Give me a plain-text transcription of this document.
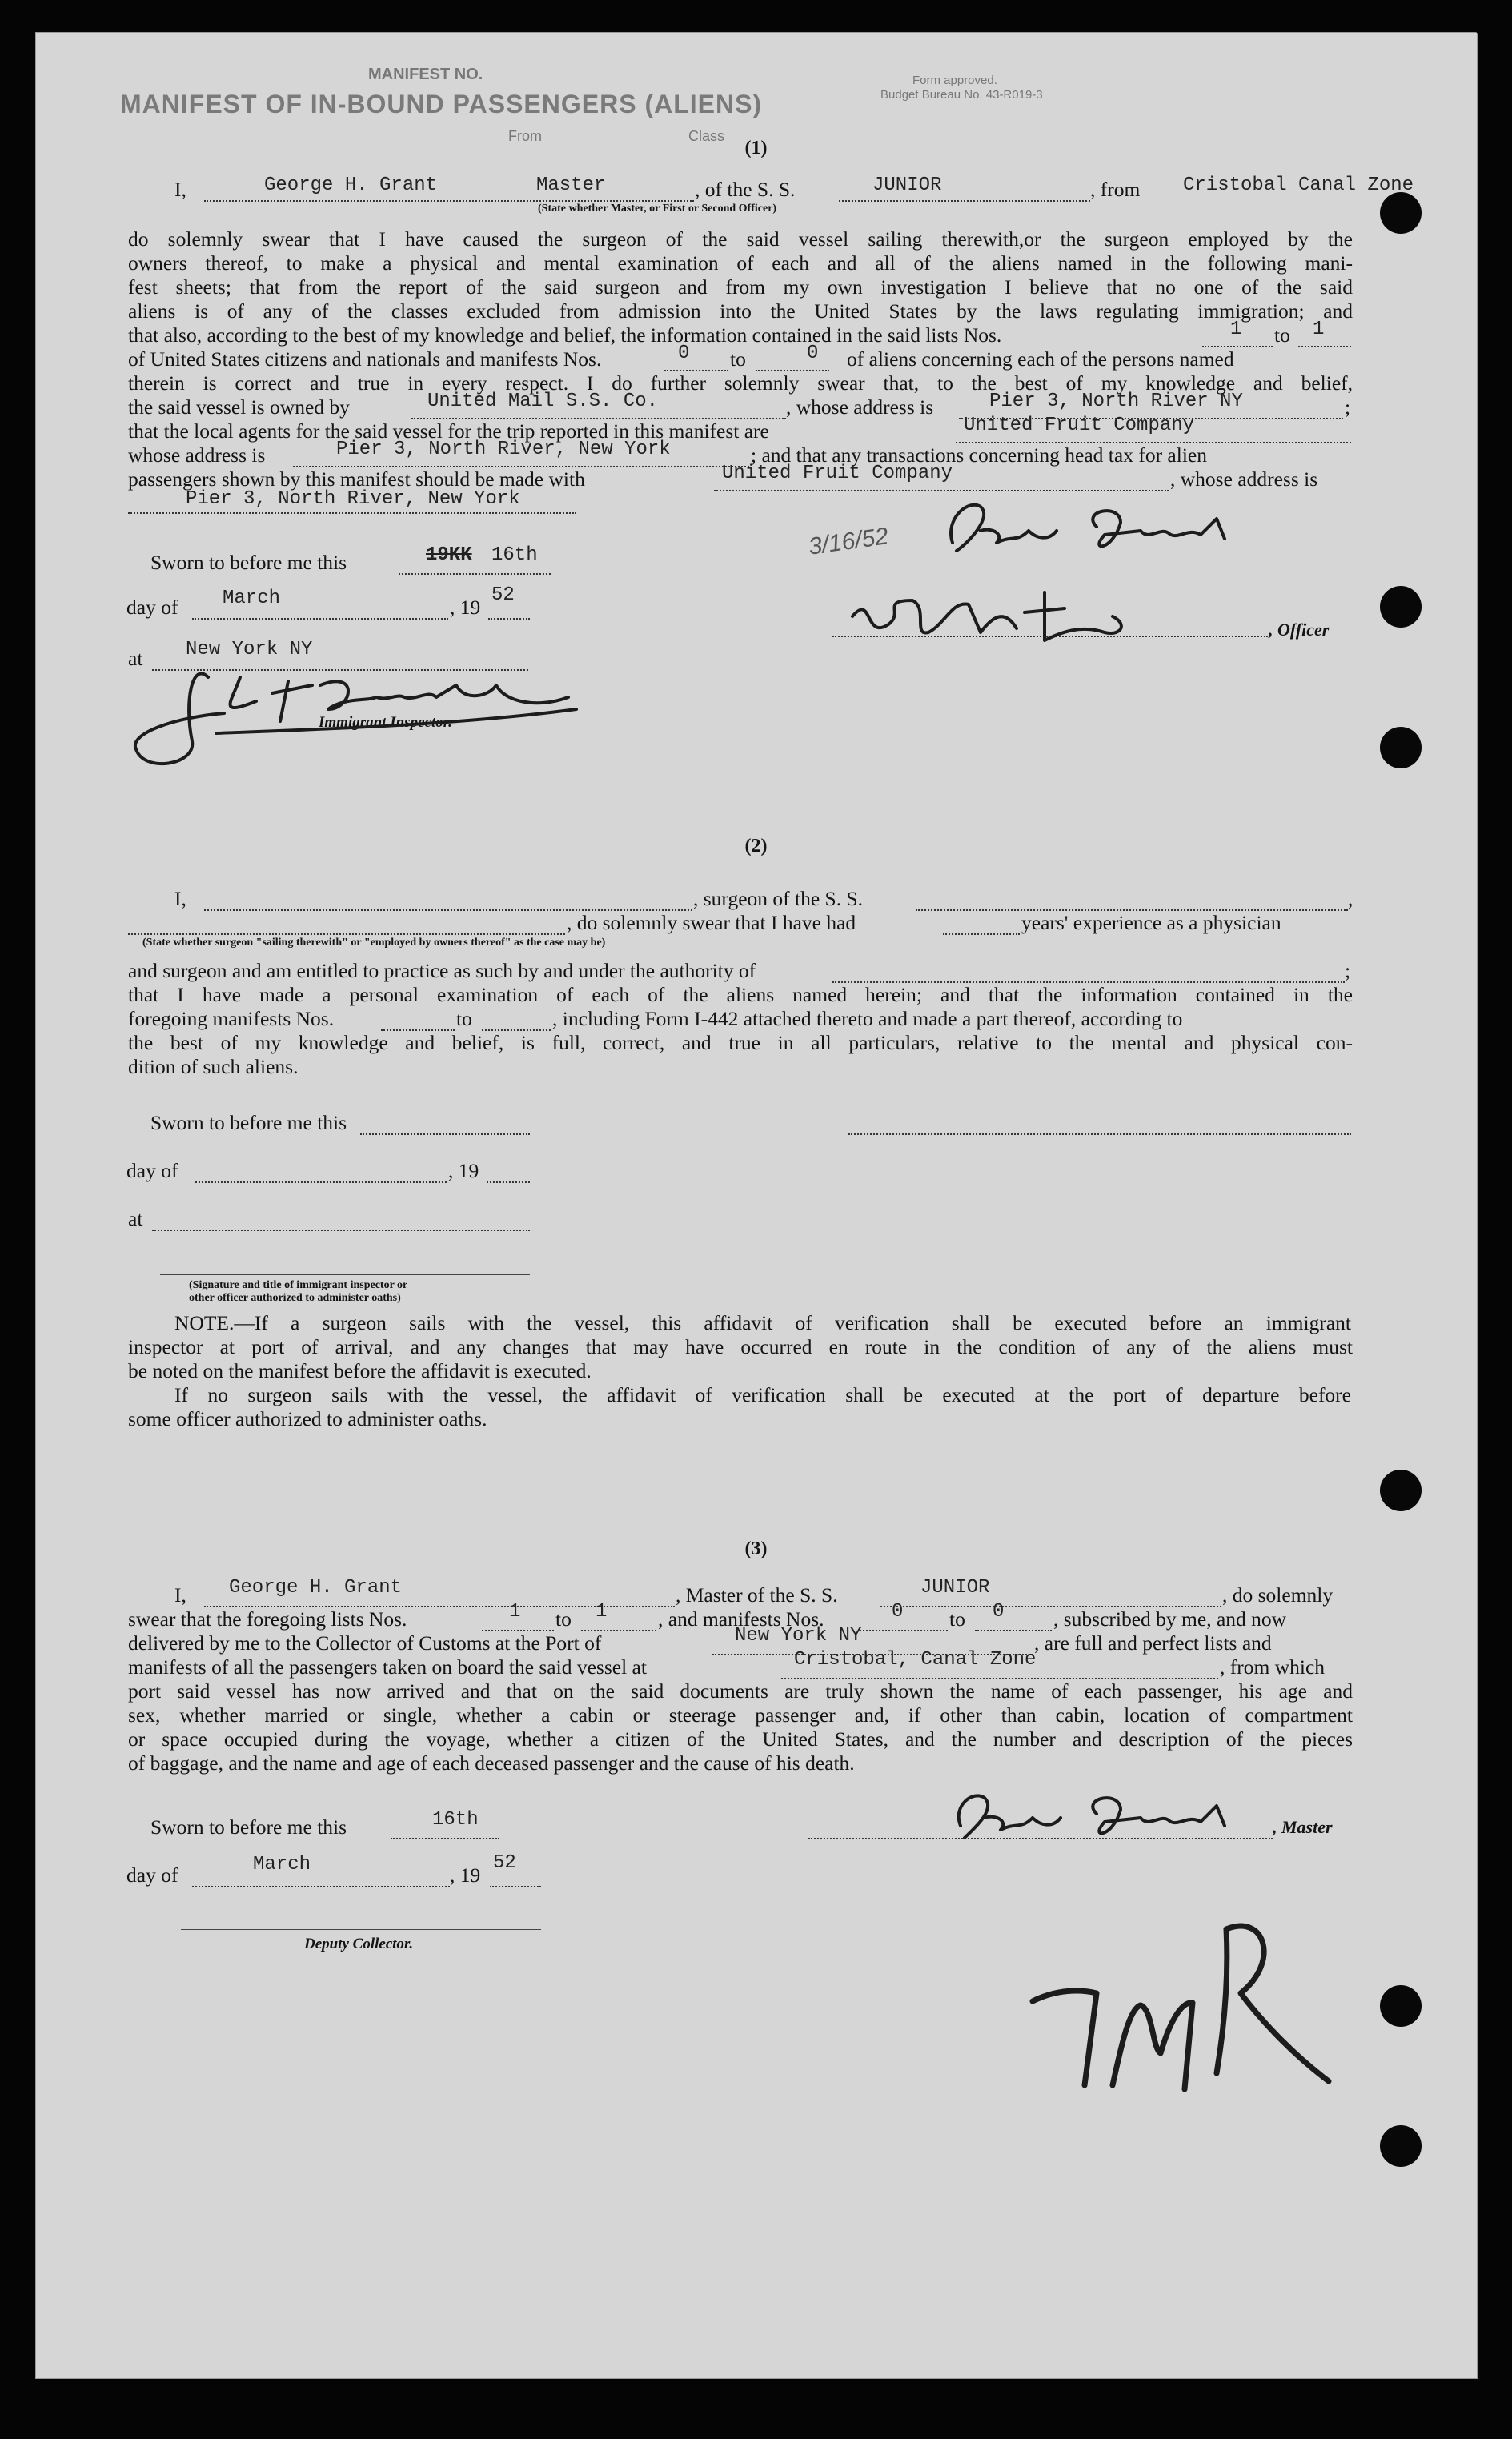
MANIFEST NO.
MANIFEST OF IN-BOUND PASSENGERS (ALIENS)
Class
From
Form approved.
Budget Bureau No. 43-R019-3
(1)
I,	George H. Grant	Master	, of the S. S.	JUNIOR	, from Cristobal Canal Zone
(State whether Master, or First or Second Officer)
do solemnly swear that I have caused the surgeon of the said vessel sailing therewith,or the surgeon employed by the
owners thereof, to make a physical and mental examination of each and all of the aliens named in the following mani-
fest sheets; that from the report of the said surgeon and from my own investigation I believe that no one of the said
aliens is of any of the classes excluded from admission into the United States by the laws regulating immigration; and
that also, according to the best of my knowledge and belief, the information contained in the said lists Nos.	1 to 1
of United States citizens and nationals and manifests Nos.	0 to	0 of aliens concerning each of the persons named
therein is correct and true in every respect. I do further solemnly swear that, to the best of my knowledge and belief,
the said vessel is owned by	United Mail S.S. Co.	, whose address is	Pier 3, North River NY	;
that the local agents for the said vessel for the trip reported in this manifest are	United Fruit Company
whose address is	Pier 3, North River, New York	; and that any transactions concerning head tax for alien
passengers shown by this manifest should be made with	United Fruit Company	, whose address is
Pier 3, North River, New York
Sworn to before me this	19KK 16th
day of March	, 19
52
at New York NY
Immigrant Inspector.
, Officer
3/16/52
(2)
I,	, surgeon of the S. S.	,
, do solemnly swear that I have had	years' experience as a physician
(State whether surgeon "sailing therewith" or "employed by owners thereof" as the case may be)
and surgeon and am entitled to practice as such by and under the authority of	;
that I have made a personal examination of each of the aliens named herein; and that the information contained in the
foregoing manifests Nos.	to	, including Form I-442 attached thereto and made a part thereof, according to
the best of my knowledge and belief, is full, correct, and true in all particulars, relative to the mental and physical con-
dition of such aliens.
Sworn to before me this
day of	, 19
at
(Signature and title of immigrant inspector or
other officer authorized to administer oaths)
NOTE.—If a surgeon sails with the vessel, this affidavit of verification shall be executed before an immigrant
inspector at port of arrival, and any changes that may have occurred en route in the condition of any of the aliens must
be noted on the manifest before the affidavit is executed.
If no surgeon sails with the vessel, the affidavit of verification shall be executed at the port of departure before
some officer authorized to administer oaths.
(3)
I, George H. Grant	, Master of the S. S.	JUNIOR	, do solemnly
swear that the foregoing lists Nos.	1 to 1 , and manifests Nos.	0 to 0 , subscribed by me, and now
delivered by me to the Collector of Customs at the Port of	New York NY	, are full and perfect lists and
manifests of all the passengers taken on board the said vessel at	Cristobal, Canal Zone	, from which
port said vessel has now arrived and that on the said documents are truly shown the name of each passenger, his age and
sex, whether married or single, whether a cabin or steerage passenger and, if other than cabin, location of compartment
or space occupied during the voyage, whether a citizen of the United States, and the number and description of the pieces
of baggage, and the name and age of each deceased passenger and the cause of his death.
Sworn to before me this	16th
day of	March	, 19
52
, Master
Deputy Collector.
